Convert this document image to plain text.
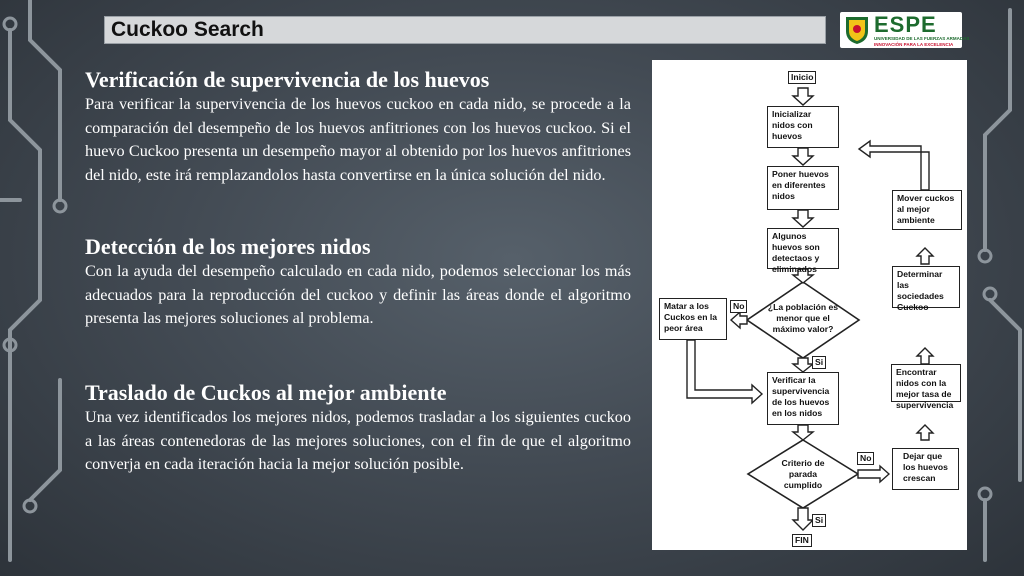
Cuckoo Search	ESPE
UNIVERSIDAD DE LAS FUERZAS ARMADAS
INNOVACIÓN PARA LA EXCELENCIA
Verificación de supervivencia de los huevos
Para verificar la supervivencia de los huevos cuckoo en cada nido, se procede a la comparación del desempeño de los huevos anfitriones con los huevos cuckoo. Si el huevo Cuckoo presenta un desempeño mayor al obtenido por los huevos anfitriones del nido, este irá remplazandolos hasta convertirse en la única solución del nido.
Detección de los mejores nidos
Con la ayuda del desempeño calculado en cada nido, podemos seleccionar los más adecuados para la reproducción del cuckoo y definir las áreas donde el algoritmo presenta las mejores soluciones al problema.
Traslado de Cuckos al mejor ambiente
Una vez identificados los mejores nidos, podemos trasladar a los siguientes cuckoo a las áreas contenedoras de las mejores soluciones, con el fin de que el algoritmo converja en cada iteración hacia la mejor solución posible.
Inicio
Inicializar nidos con huevos
Poner huevos en diferentes nidos
Algunos huevos son detectaos y eliminados
¿La población es menor que el máximo valor?
Matar a los Cuckos en la peor área
No
Si
Verificar la supervivencia de los huevos en los nidos
Criterio de parada cumplido
No
Si
FIN
Dejar que los huevos crescan
Encontrar nidos con la mejor tasa de supervivencia
Determinar las sociedades Cuckoo
Mover cuckos al mejor ambiente
